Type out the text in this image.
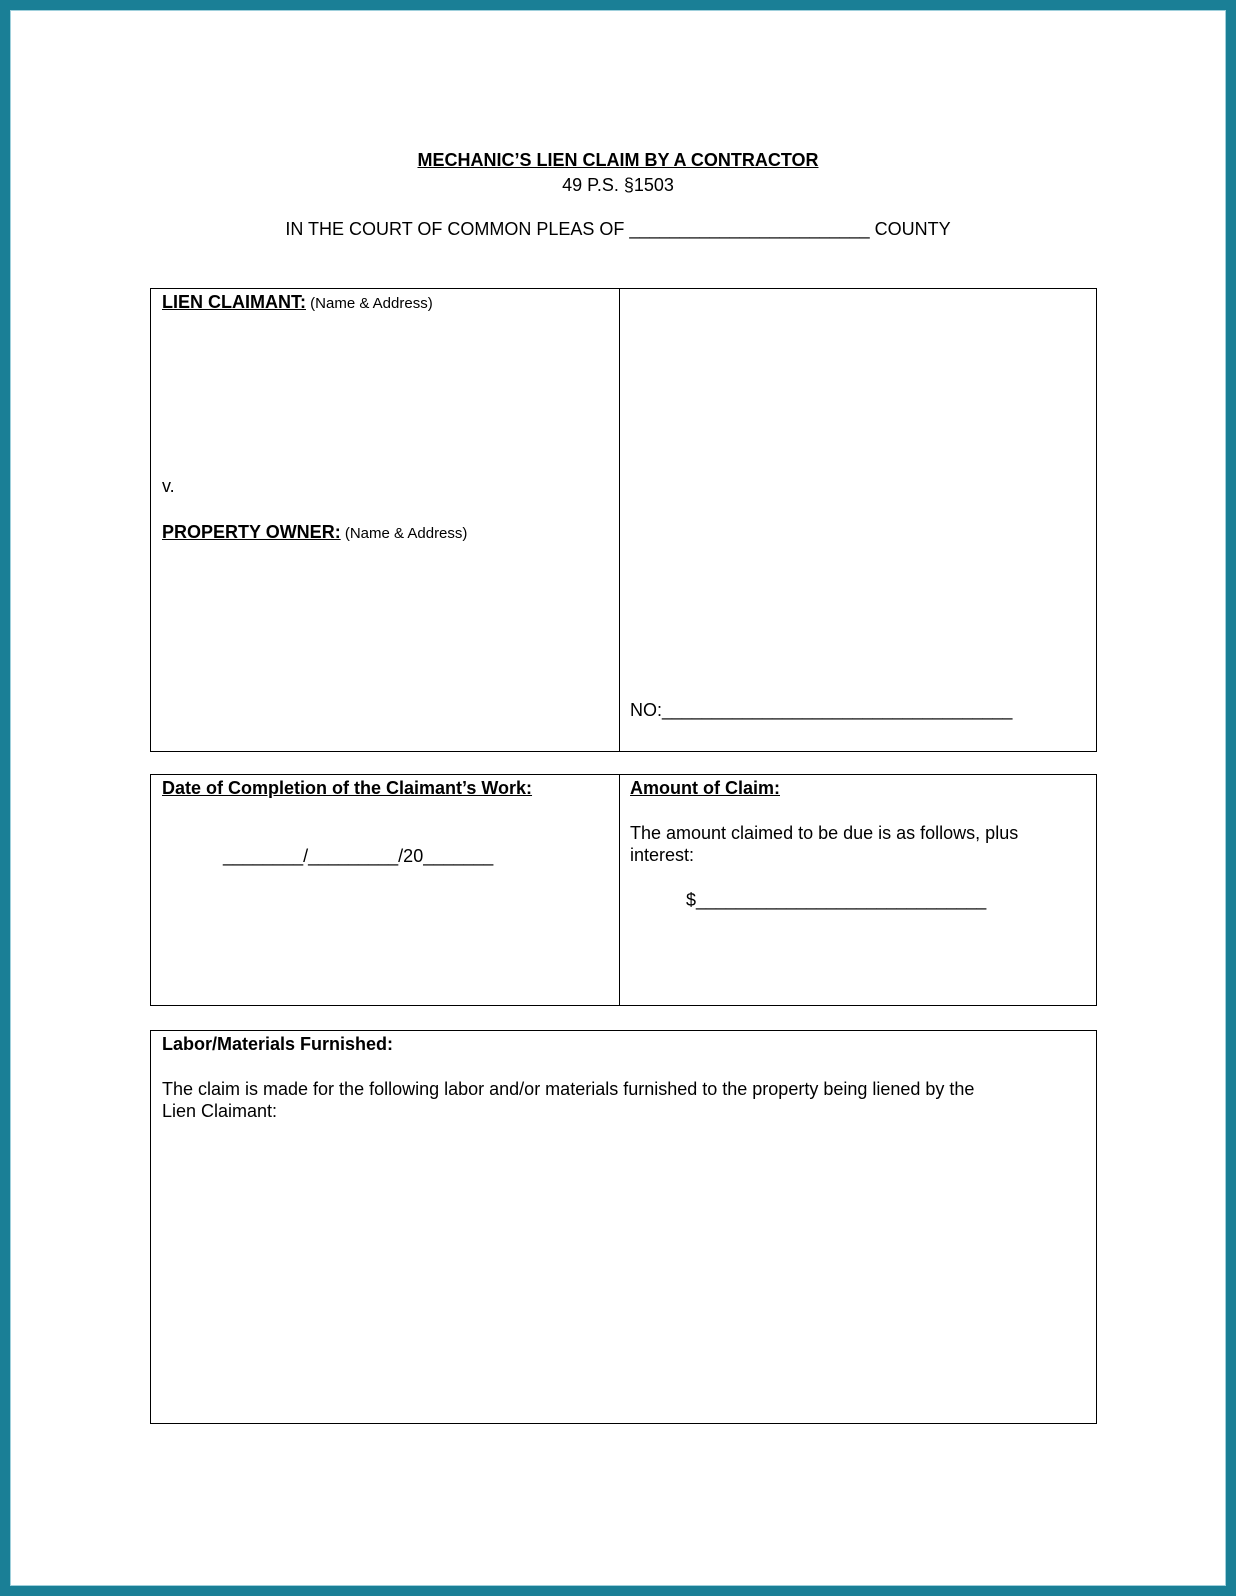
MECHANIC’S LIEN CLAIM BY A CONTRACTOR
49 P.S. §1503
IN THE COURT OF COMMON PLEAS OF ________________________ COUNTY
LIEN CLAIMANT: (Name & Address)
v.
PROPERTY OWNER: (Name & Address)
NO:___________________________________
Date of Completion of the Claimant’s Work:
________/_________/20_______
Amount of Claim:
The amount claimed to be due is as follows, plus
interest:
$_____________________________
Labor/Materials Furnished:
The claim is made for the following labor and/or materials furnished to the property being liened by the
Lien Claimant:
